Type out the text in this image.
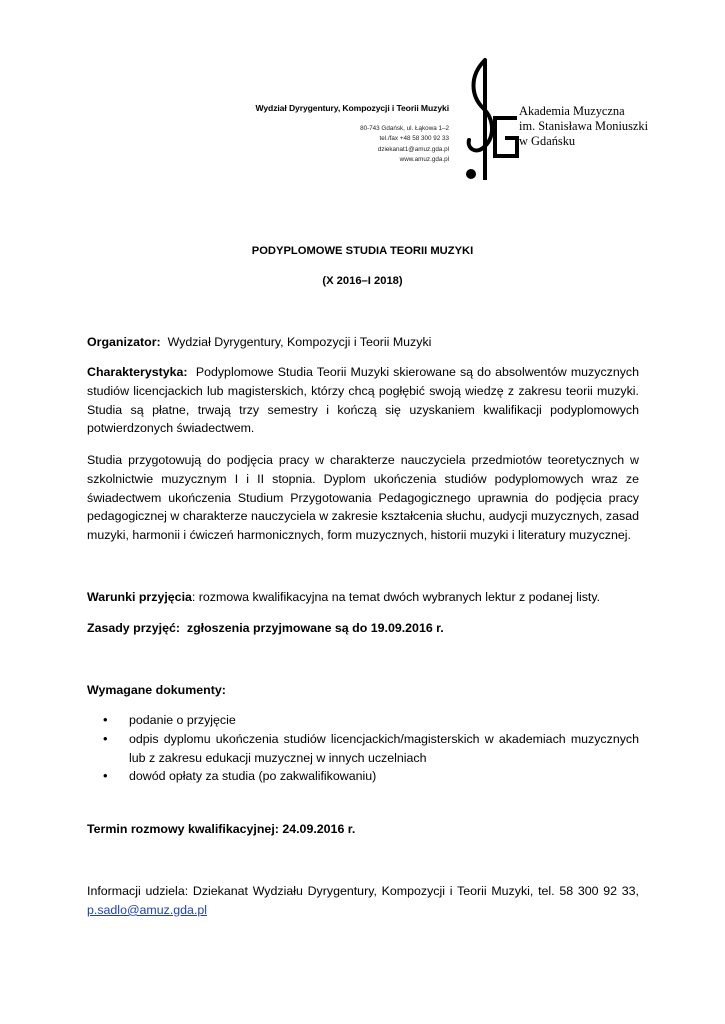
Wydział Dyrygentury, Kompozycji i Teorii Muzyki
80-743 Gdańsk, ul. Łąkowa 1–2
tel./fax +48 58 300 92 33
dziekanat1@amuz.gda.pl
www.amuz.gda.pl
Akademia Muzyczna
im. Stanisława Moniuszki
w Gdańsku
PODYPLOMOWE STUDIA TEORII MUZYKI
(X 2016–I 2018)
Organizator: Wydział Dyrygentury, Kompozycji i Teorii Muzyki
Charakterystyka: Podyplomowe Studia Teorii Muzyki skierowane są do absolwentów muzycznych studiów licencjackich lub magisterskich, którzy chcą pogłębić swoją wiedzę z zakresu teorii muzyki. Studia są płatne, trwają trzy semestry i kończą się uzyskaniem kwalifikacji podyplomowych potwierdzonych świadectwem.
Studia przygotowują do podjęcia pracy w charakterze nauczyciela przedmiotów teoretycznych w szkolnictwie muzycznym I i II stopnia. Dyplom ukończenia studiów podyplomowych wraz ze świadectwem ukończenia Studium Przygotowania Pedagogicznego uprawnia do podjęcia pracy pedagogicznej w charakterze nauczyciela w zakresie kształcenia słuchu, audycji muzycznych, zasad muzyki, harmonii i ćwiczeń harmonicznych, form muzycznych, historii muzyki i literatury muzycznej.
Warunki przyjęcia: rozmowa kwalifikacyjna na temat dwóch wybranych lektur z podanej listy.
Zasady przyjęć: zgłoszenia przyjmowane są do 19.09.2016 r.
Wymagane dokumenty:
• podanie o przyjęcie
• odpis dyplomu ukończenia studiów licencjackich/magisterskich w akademiach muzycznych lub z zakresu edukacji muzycznej w innych uczelniach
• dowód opłaty za studia (po zakwalifikowaniu)
Termin rozmowy kwalifikacyjnej: 24.09.2016 r.
Informacji udziela: Dziekanat Wydziału Dyrygentury, Kompozycji i Teorii Muzyki, tel. 58 300 92 33, p.sadlo@amuz.gda.pl
